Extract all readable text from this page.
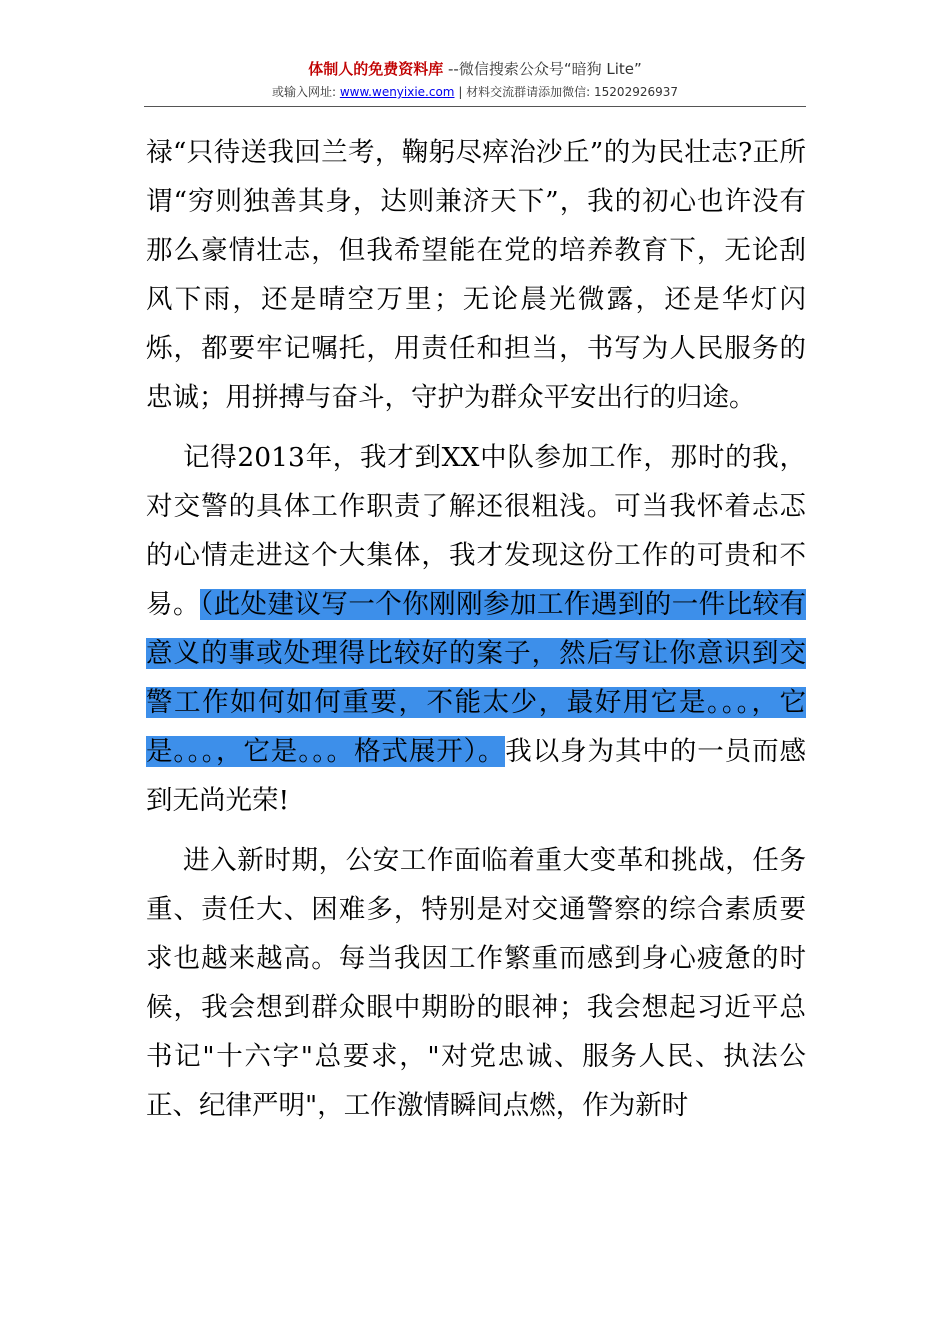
体制人的免费资料库 --微信搜索公众号“暗狗 Lite”
或输入网址: www.wenyixie.com | 材料交流群请添加微信: 15202926937

禄“只待送我回兰考，鞠躬尽瘁治沙丘”的为民壮志?正所谓“穷则独善其身，达则兼济天下”，我的初心也许没有那么豪情壮志，但我希望能在党的培养教育下，无论刮风下雨，还是晴空万里；无论晨光微露，还是华灯闪烁，都要牢记嘱托，用责任和担当，书写为人民服务的忠诚；用拼搏与奋斗，守护为群众平安出行的归途。

记得2013年，我才到XX中队参加工作，那时的我，对交警的具体工作职责了解还很粗浅。可当我怀着忐忑的心情走进这个大集体，我才发现这份工作的可贵和不易。（此处建议写一个你刚刚参加工作遇到的一件比较有意义的事或处理得比较好的案子，然后写让你意识到交警工作如何如何重要，不能太少，最好用它是。。。，它是。。。，它是。。。格式展开）。我以身为其中的一员而感到无尚光荣!

进入新时期，公安工作面临着重大变革和挑战，任务重、责任大、困难多，特别是对交通警察的综合素质要求也越来越高。每当我因工作繁重而感到身心疲惫的时候，我会想到群众眼中期盼的眼神；我会想起习近平总书记"十六字"总要求，"对党忠诚、服务人民、执法公正、纪律严明"，工作激情瞬间点燃，作为新时
